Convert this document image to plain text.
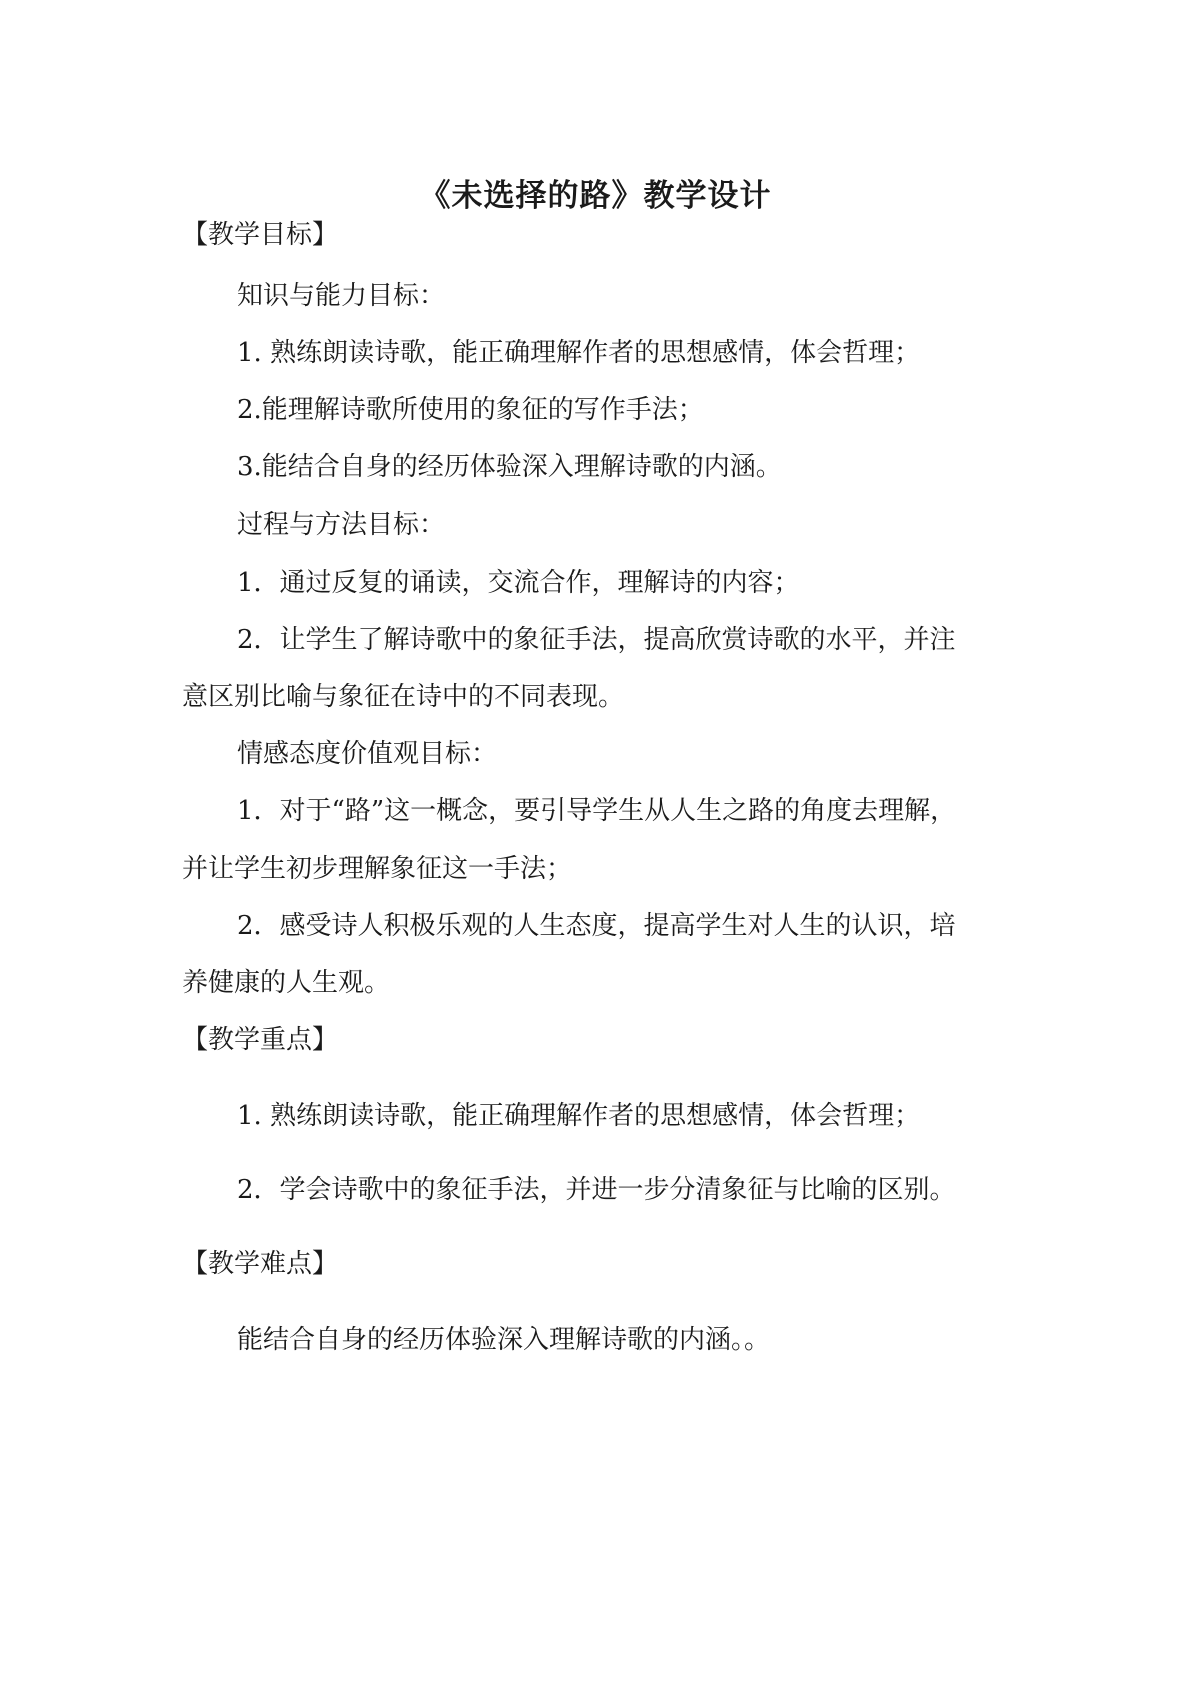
《未选择的路》教学设计
【教学目标】
知识与能力目标：
1. 熟练朗读诗歌，能正确理解作者的思想感情，体会哲理；
2.能理解诗歌所使用的象征的写作手法；
3.能结合自身的经历体验深入理解诗歌的内涵。
过程与方法目标：
1．通过反复的诵读，交流合作，理解诗的内容；
2．让学生了解诗歌中的象征手法，提高欣赏诗歌的水平，并注
意区别比喻与象征在诗中的不同表现。
情感态度价值观目标：
1．对于“路”这一概念，要引导学生从人生之路的角度去理解，
并让学生初步理解象征这一手法；
2．感受诗人积极乐观的人生态度，提高学生对人生的认识，培
养健康的人生观。
【教学重点】
1. 熟练朗读诗歌，能正确理解作者的思想感情，体会哲理；
2．学会诗歌中的象征手法，并进一步分清象征与比喻的区别。
【教学难点】
能结合自身的经历体验深入理解诗歌的内涵。。
